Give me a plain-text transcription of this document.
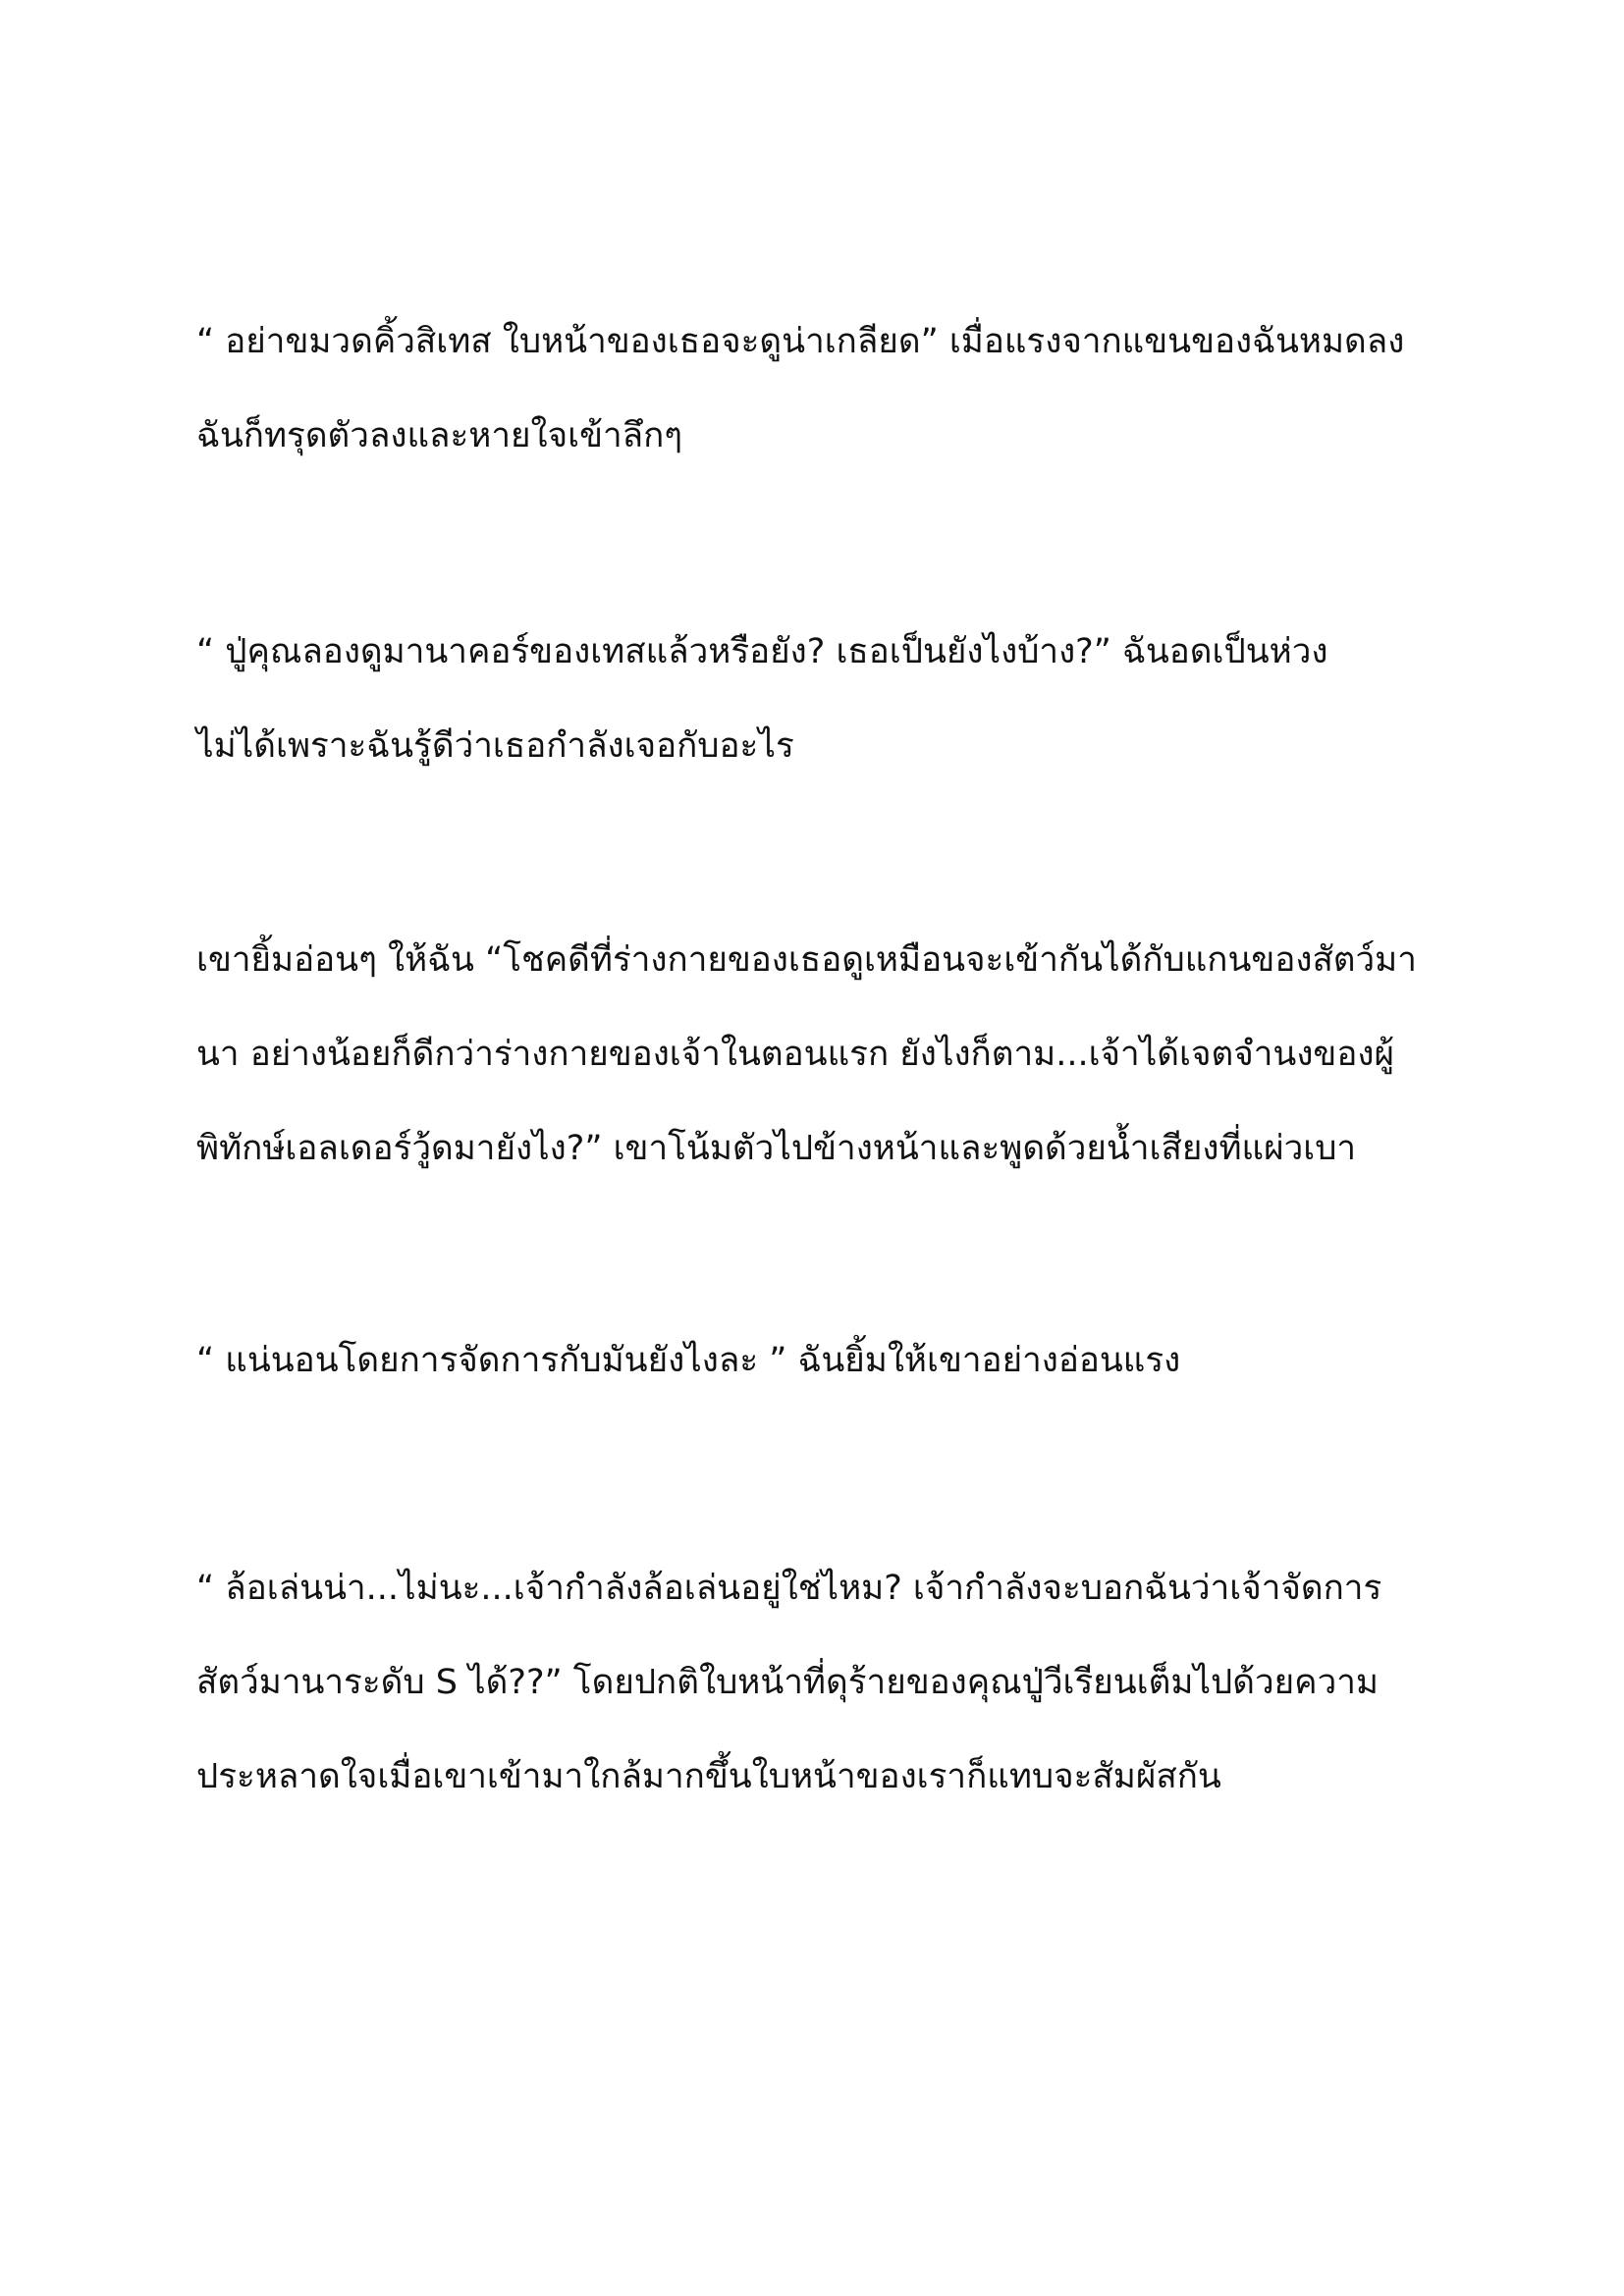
“ อย่าขมวดคิ้วสิเทส ใบหน้าของเธอจะดูน่าเกลียด” เมื่อแรงจากแขนของฉันหมดลง
ฉันก็ทรุดตัวลงและหายใจเข้าลึกๆ

“ ปู่คุณลองดูมานาคอร์ของเทสแล้วหรือยัง? เธอเป็นยังไงบ้าง?” ฉันอดเป็นห่วง
ไม่ได้เพราะฉันรู้ดีว่าเธอกำลังเจอกับอะไร

เขายิ้มอ่อนๆ ให้ฉัน “โชคดีที่ร่างกายของเธอดูเหมือนจะเข้ากันได้กับแกนของสัตว์มา
นา อย่างน้อยก็ดีกว่าร่างกายของเจ้าในตอนแรก ยังไงก็ตาม...เจ้าได้เจตจำนงของผู้
พิทักษ์เอลเดอร์วู้ดมายังไง?” เขาโน้มตัวไปข้างหน้าและพูดด้วยน้ำเสียงที่แผ่วเบา

“ แน่นอนโดยการจัดการกับมันยังไงละ ” ฉันยิ้มให้เขาอย่างอ่อนแรง

“ ล้อเล่นน่า...ไม่นะ...เจ้ากำลังล้อเล่นอยู่ใช่ไหม? เจ้ากำลังจะบอกฉันว่าเจ้าจัดการ
สัตว์มานาระดับ S ได้??” โดยปกติใบหน้าที่ดุร้ายของคุณปู่วีเรียนเต็มไปด้วยความ
ประหลาดใจเมื่อเขาเข้ามาใกล้มากขึ้นใบหน้าของเราก็แทบจะสัมผัสกัน
